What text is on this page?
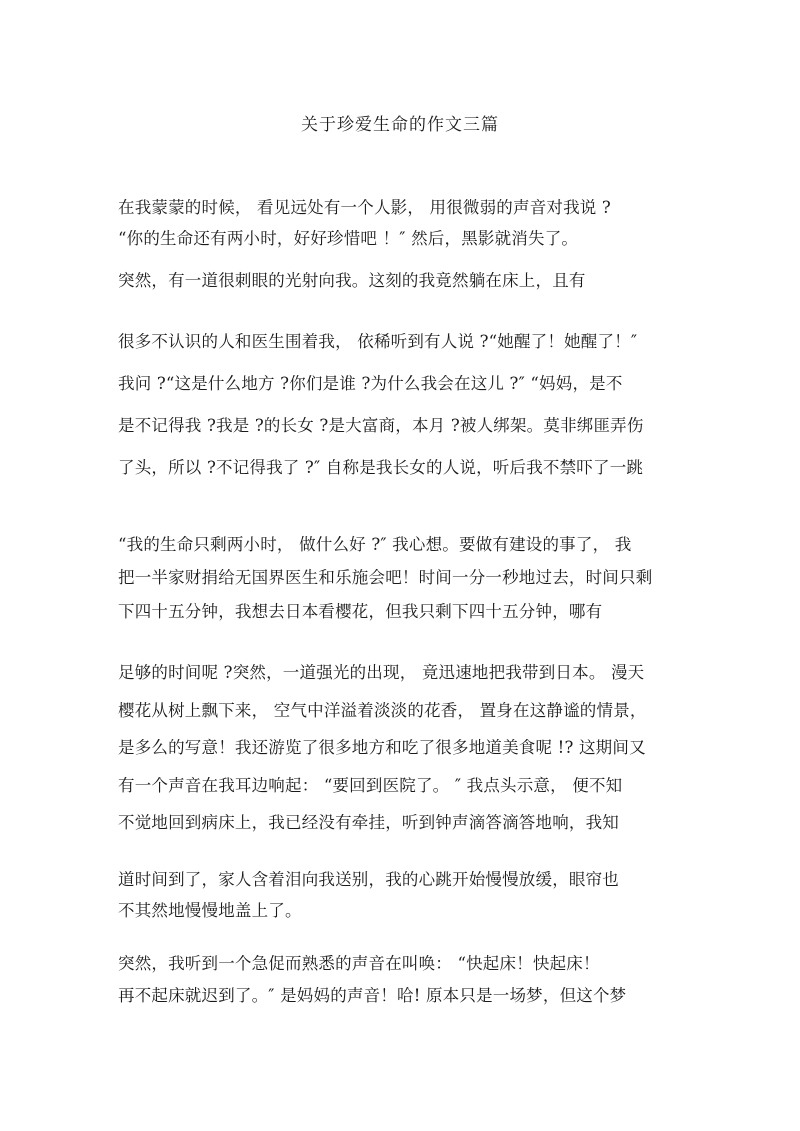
关于珍爱生命的作文三篇
在我蒙蒙的时候， 看见远处有一个人影， 用很微弱的声音对我说 ?
“你的生命还有两小时，好好珍惜吧 ！″ 然后，黑影就消失了。
突然，有一道很刺眼的光射向我。这刻的我竟然躺在床上，且有
很多不认识的人和医生围着我， 依稀听到有人说 ?“她醒了！她醒了！″
我问 ?“这是什么地方 ?你们是谁 ?为什么我会在这儿 ?″ “妈妈，是不
是不记得我 ?我是 ?的长女 ?是大富商，本月 ?被人绑架。莫非绑匪弄伤
了头，所以 ?不记得我了 ?″ 自称是我长女的人说，听后我不禁吓了一跳
“我的生命只剩两小时， 做什么好 ?″ 我心想。要做有建设的事了， 我
把一半家财捐给无国界医生和乐施会吧！时间一分一秒地过去，时间只剩
下四十五分钟，我想去日本看樱花，但我只剩下四十五分钟，哪有
足够的时间呢 ?突然，一道强光的出现， 竟迅速地把我带到日本。 漫天
樱花从树上飘下来， 空气中洋溢着淡淡的花香， 置身在这静谧的情景，
是多么的写意！我还游览了很多地方和吃了很多地道美食呢 !? 这期间又
有一个声音在我耳边响起： “要回到医院了。 ″ 我点头示意， 便不知
不觉地回到病床上，我已经没有牵挂，听到钟声滴答滴答地响，我知
道时间到了，家人含着泪向我送别，我的心跳开始慢慢放缓，眼帘也
不其然地慢慢地盖上了。
突然，我听到一个急促而熟悉的声音在叫唤： “快起床！快起床！
再不起床就迟到了。″ 是妈妈的声音！哈! 原本只是一场梦，但这个梦
